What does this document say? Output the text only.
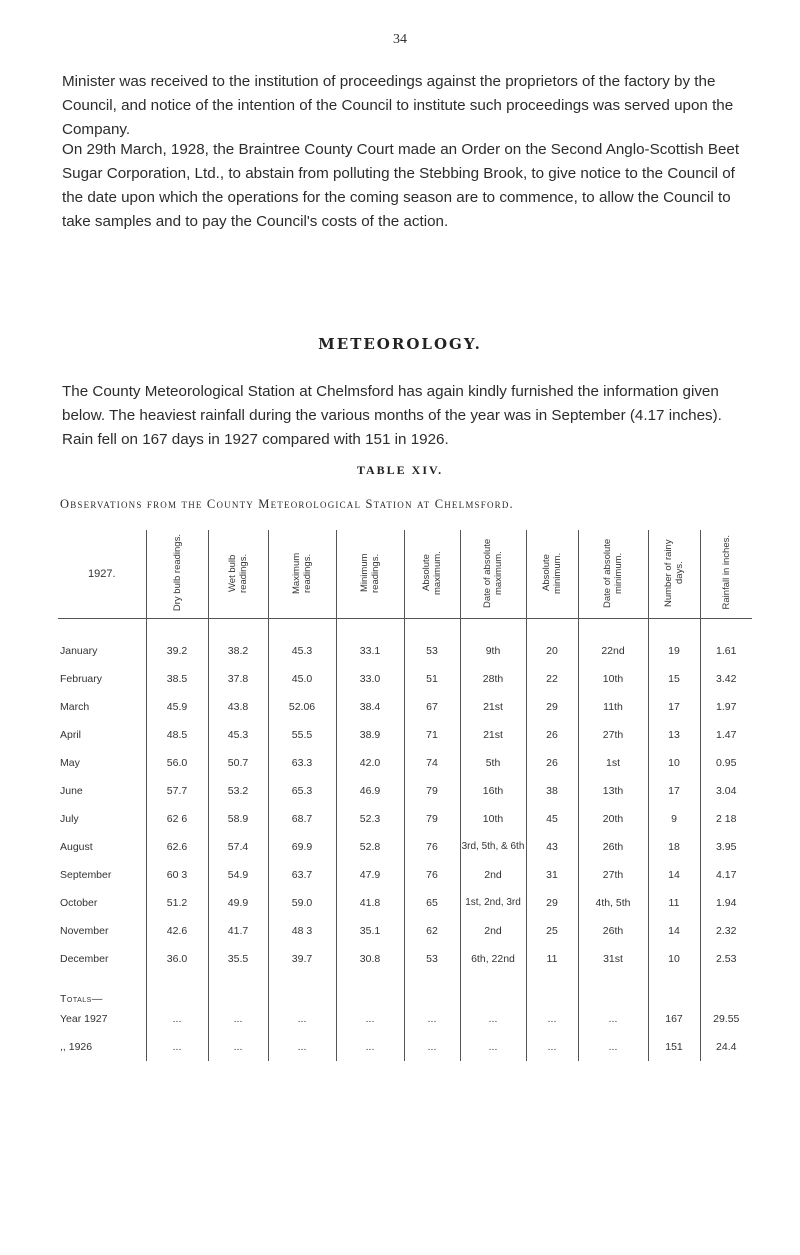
34

Minister was received to the institution of proceedings against the proprietors of the factory by the Council, and notice of the intention of the Council to institute such proceedings was served upon the Company.

On 29th March, 1928, the Braintree County Court made an Order on the Second Anglo-Scottish Beet Sugar Corporation, Ltd., to abstain from polluting the Stebbing Brook, to give notice to the Council of the date upon which the operations for the coming season are to commence, to allow the Council to take samples and to pay the Council's costs of the action.

METEOROLOGY.

The County Meteorological Station at Chelmsford has again kindly furnished the information given below. The heaviest rainfall during the various months of the year was in September (4.17 inches). Rain fell on 167 days in 1927 compared with 151 in 1926.

TABLE XIV.
Observations from the County Meteorological Station at Chelmsford.
1927.	Dry bulb readings.	Wet bulb readings.	Maximum readings.	Minimum readings.	Absolute maximum.	Date of absolute maximum.	Absolute minimum.	Date of absolute minimum.	Number of rainy days.	Rainfall in inches.
January	39.2	38.2	45.3	33.1	53	9th	20	22nd	19	1.61
February	38.5	37.8	45.0	33.0	51	28th	22	10th	15	3.42
March	45.9	43.8	52.06	38.4	67	21st	29	11th	17	1.97
April	48.5	45.3	55.5	38.9	71	21st	26	27th	13	1.47
May	56.0	50.7	63.3	42.0	74	5th	26	1st	10	0.95
June	57.7	53.2	65.3	46.9	79	16th	38	13th	17	3.04
July	62 6	58.9	68.7	52.3	79	10th	45	20th	9	2 18
August	62.6	57.4	69.9	52.8	76	3rd, 5th, & 6th	43	26th	18	3.95
September	60 3	54.9	63.7	47.9	76	2nd	31	27th	14	4.17
October	51.2	49.9	59.0	41.8	65	1st, 2nd, 3rd	29	4th, 5th	11	1.94
November	42.6	41.7	48 3	35.1	62	2nd	25	26th	14	2.32
December	36.0	35.5	39.7	30.8	53	6th, 22nd	11	31st	10	2.53
Totals—										
Year 1927	...	...	...	...	...	...	...	...	167	29.55
,, 1926	...	...	...	...	...	...	...	...	151	24.4
